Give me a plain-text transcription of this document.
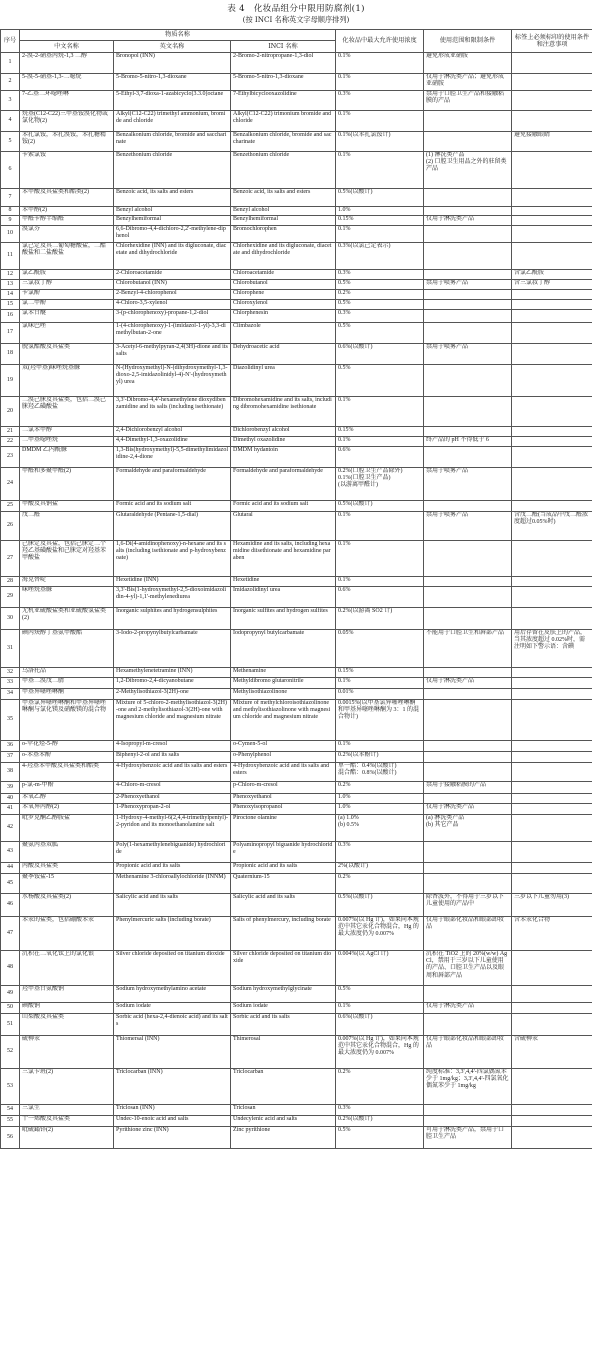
表 4　化妆品组分中限用防腐剂(1)
(按 INCI 名称英文字母顺序排列)
序号	物质名称			化妆品中最大允许使用浓度	使用范围和限制条件	标签上必须标印的使用条件和注意事项
	中文名称	英文名称	INCI 名称			
1	2-溴-2-硝基丙烷-1,3 二醇	Bronopol (INN)	2-Bromo-2-nitropropane-1,3-diol	0.1%	避免形成亚硝胺	
2	5-溴-5-硝基-1,3-二噁烷	5-Bromo-5-nitro-1,3-dioxane	5-Bromo-5-nitro-1,3-dioxane	0.1%	仅用于淋洗类产品；避免形成亚硝胺	
3	7-乙基二环噁唑啉	5-Ethyl-3,7-dioxa-1-azabicyclo[3.3.0]octane	7-Ethylbicyclooxazolidine	0.3%	禁用于口腔卫生产品和接触粘膜的产品	
4	烷基(C12-C22)三甲基铵溴化物或氯化物(2)	Alkyl(C12-C22) trimethyl ammonium, bromide and chloride	Alkyl(C12-C22) trimonium bromide and chloride	0.1%		
5	苯扎氯铵，苯扎溴铵，苯扎糖精铵(2)	Benzalkonium chloride, bromide and saccharinate	Benzalkonium chloride, bromide and saccharinate	0.1%(以苯扎氯铵计)		避免接触眼睛
6	苄索氯铵	Benzethonium chloride	Benzethonium chloride	0.1%	(1) 淋洗类产品
(2) 口腔卫生用品之外的驻留类产品	
7	苯甲酸及其盐类和酯类(2)	Benzoic acid, its salts and esters	Benzoic acid, its salts and esters	0.5%(以酸计)		
8	苯甲醇(2)	Benzyl alcohol	Benzyl alcohol	1.0%		
9	甲醛苄醇半缩醛	Benzylhemiformal	Benzylhemiformal	0.15%	仅用于淋洗类产品	
10	溴氯芬	6,6-Dibromo-4,4-dichloro-2,2'-methylene-diphenol	Bromochlorophen	0.1%		
11	氯己定及其二葡萄糖酸盐，二醋酸盐和二盐酸盐	Chlorhexidine (INN) and its digluconate, diacetate and dihydrochloride	Chlorhexidine and its digluconate, diacetate and dihydrochloride	0.3%(以氯己定表示)		
12	氯乙酰胺	2-Chloroacetamide	Chloroacetamide	0.3%		含氯乙酰胺
13	三氯叔丁醇	Chlorobutanol (INN)	Chlorobutanol	0.5%	禁用于喷雾产品	含三氯叔丁醇
14	苄氯酚	2-Benzyl-4-chlorophenol	Chlorophene	0.2%		
15	氯二甲酚	4-Chloro-3,5-xylenol	Chloroxylenol	0.5%		
16	氯苯甘醚	3-(p-chlorophenoxy)-propane-1,2-diol	Chlorphenesin	0.3%		
17	氯咪巴唑	1-(4-chlorophenoxy)-1-(imidazol-1-yl)-3,3-dimethylbutan-2-one	Climbazole	0.5%		
18	脱氢醋酸及其盐类	3-Acetyl-6-methylpyran-2,4(3H)-dione and its salts	Dehydroacetic acid	0.6%(以酸计)	禁用于喷雾产品	
19	双(羟甲基)咪唑烷基脲	N-(Hydroxymethyl)-N-(dihydroxymethyl-1,3-dioxo-2,5-imidazolinidyl-4)-N'-(hydroxymethyl) urea	Diazolidinyl urea	0.5%		
20	二溴己脒及其盐类，包括二溴己脒羟乙磺酸盐	3,3'-Dibromo-4,4'-hexamethylene dioxydibenzamidine and its salts (including isethionate)	Dibromohexamidine and its salts, including dibromohexamidine isethionate	0.1%		
21	二氯苯甲醇	2,4-Dichlorobenzyl alcohol	Dichlorobenzyl alcohol	0.15%		
22	二甲基噁唑烷	4,4-Dimethyl-1,3-oxazolidine	Dimethyl oxazolidine	0.1%	终产品的 pH 不得低于 6	
23	DMDM 乙内酰脲	1,3-Bis(hydroxymethyl)-5,5-dimethylimidazolidine-2,4-dione	DMDM hydantoin	0.6%		
24	甲醛和多聚甲醛(2)	Formaldehyde and paraformaldehyde	Formaldehyde and paraformaldehyde	0.2%(口腔卫生产品除外)
0.1%(口腔卫生产品)
(以游离甲醛计)	禁用于喷雾产品	
25	甲酸及其钠盐	Formic acid and its sodium salt	Formic acid and its sodium salt	0.5%(以酸计)		
26	戊二醛	Glutaraldehyde (Pentane-1,5-dial)	Glutaral	0.1%	禁用于喷雾产品	含戊二醛(当成品中戊二醛浓度超过0.05%时)
27	己脒定及其盐，包括己脒定二个羟乙基磺酸盐和己脒定对羟基苯甲酸盐	1,6-Di(4-amidinophenoxy)-n-hexane and its salts (including isethionate and p-hydroxybenzoate)	Hexamidine and its salts, including hexamidine diisethionate and hexamidine paraben	0.1%		
28	海克替啶	Hexetidine (INN)	Hexetidine	0.1%		
29	咪唑烷基脲	3,3'-Bis(1-hydroxymethyl-2,5-dioxoimidazolidin-4-yl)-1,1'-methylenediurea	Imidazolidinyl urea	0.6%		
30	无机亚硫酸盐类和亚硫酸氢盐类(2)	Inorganic sulphites and hydrogensulphites	Inorganic sulfites and hydrogen sulfites	0.2%(以游离 SO2 计)		
31	碘丙炔醇丁基氨甲酸酯	3-Iodo-2-propynylbutylcarbamate	Iodopropynyl butylcarbamate	0.05%	不能用于口腔卫生和唇部产品	用后存留在皮肤上的产品，当其浓度超过 0.02%时，需注明如下警示语：含碘
32	乌洛托品	Hexamethylenetetramine (INN)	Methenamine	0.15%		
33	甲基二溴戊二腈	1,2-Dibromo-2,4-dicyanobutane	Methyldibromo glutaronitrile	0.1%	仅用于淋洗类产品	
34	甲基异噻唑啉酮	2-Methylisothiazol-3(2H)-one	Methylisothiazolinone	0.01%		
35	甲基氯异噻唑啉酮和甲基异噻唑啉酮与氯化镁及硝酸镁的混合物	Mixture of 5-chloro-2-methylisothiazol-3(2H)-one and 2-methylisothiazol-3(2H)-one with magnesium chloride and magnesium nitrate	Mixture of methylchloroisothiazolinone and methylisothiazolinone with magnesium chloride and magnesium nitrate	0.0015%(以甲基氯异噻唑啉酮和甲基异噻唑啉酮为 3：1 的混合物计)		
36	o-伞花烃-5-醇	4-Isopropyl-m-cresol	o-Cymen-5-ol	0.1%		
37	o-苯基苯酚	Biphenyl-2-ol and its salts	o-Phenylphenol	0.2%(以苯酚计)		
38	4-羟基苯甲酸及其盐类和酯类	4-Hydroxybenzoic acid and its salts and esters	4-Hydroxybenzoic acid and its salts and esters	单一酯：0.4%(以酸计)
混合酯：0.8%(以酸计)		
39	p-氯-m-甲酚	4-Chloro-m-cresol	p-Chloro-m-cresol	0.2%	禁用于接触粘膜的产品	
40	苯氧乙醇	2-Phenoxyethanol	Phenoxyethanol	1.0%		
41	苯氧异丙醇(2)	1-Phenoxypropan-2-ol	Phenoxyisopropanol	1.0%	仅用于淋洗类产品	
42	吡罗克酮乙醇胺盐	1-Hydroxy-4-methyl-6(2,4,4-trimethylpentyl)-2-pyridon and its monoethanolamine salt	Piroctone olamine	(a) 1.0%
(b) 0.5%	(a) 淋洗类产品
(b) 其它产品	
43	聚氨丙基双胍	Poly(1-hexamethylenebiguanide) hydrochloride	Polyaminopropyl biguanide hydrochloride	0.3%		
44	丙酸及其盐类	Propionic acid and its salts	Propionic acid and its salts	2%(以酸计)		
45	聚季铵盐-15	Methenamine 3-chloroallylochloride (INNM)	Quaternium-15	0.2%		
46	水杨酸及其盐类(2)	Salicylic acid and its salts	Salicylic acid and its salts	0.5%(以酸计)	除香波外，不得用于三岁以下儿童使用的产品中	三岁以下儿童勿用(3)
47	苯汞的盐类，包括硼酸苯汞	Phenylmercuric salts (including borate)	Salts of phenylmercury, including borate	0.007%(以 Hg 计)，如果同本规范中其它汞化合物混合，Hg 的最大浓度仍为 0.007%	仅用于眼部化妆品和眼部卸妆品	含苯汞化合物
48	沉积在二氧化钛上的氯化银	Silver chloride deposited on titanium dioxide	Silver chloride deposited on titanium dioxide	0.004%(以 AgCl 计)	沉积在 TiO2 上的 20%(w/w) AgCl，禁用于三岁以下儿童使用的产品、口腔卫生产品以及眼周和唇部产品	
49	羟甲基甘氨酸钠	Sodium hydroxymethylamino acetate	Sodium hydroxymethylglycinate	0.5%		
50	碘酸钠	Sodium iodate	Sodium iodate	0.1%	仅用于淋洗类产品	
51	山梨酸及其盐类	Sorbic acid (hexa-2,4-dienoic acid) and its salts	Sorbic acid and its salts	0.6%(以酸计)		
52	硫柳汞	Thiomersal (INN)	Thimerosal	0.007%(以 Hg 计)，如果同本规范中其它汞化合物混合，Hg 的最大浓度仍为 0.007%	仅用于眼部化妆品和眼部卸妆品	含硫柳汞
53	三氯卡班(2)	Triclocarban (INN)	Triclocarban	0.2%	纯度标准：3,3',4,4'-四氯偶氮苯少于 1mg/kg；3,3',4,4'-四氯氧化偶氮苯少于 1mg/kg	
54	三氯生	Triclosan (INN)	Triclosan	0.3%		
55	十一烯酸及其盐类	Undec-10-enoic acid and salts	Undecylenic acid and salts	0.2%(以酸计)		
56	吡硫鎓锌(2)	Pyrithione zinc (INN)	Zinc pyrithione	0.5%	可用于淋洗类产品，禁用于口腔卫生产品	
